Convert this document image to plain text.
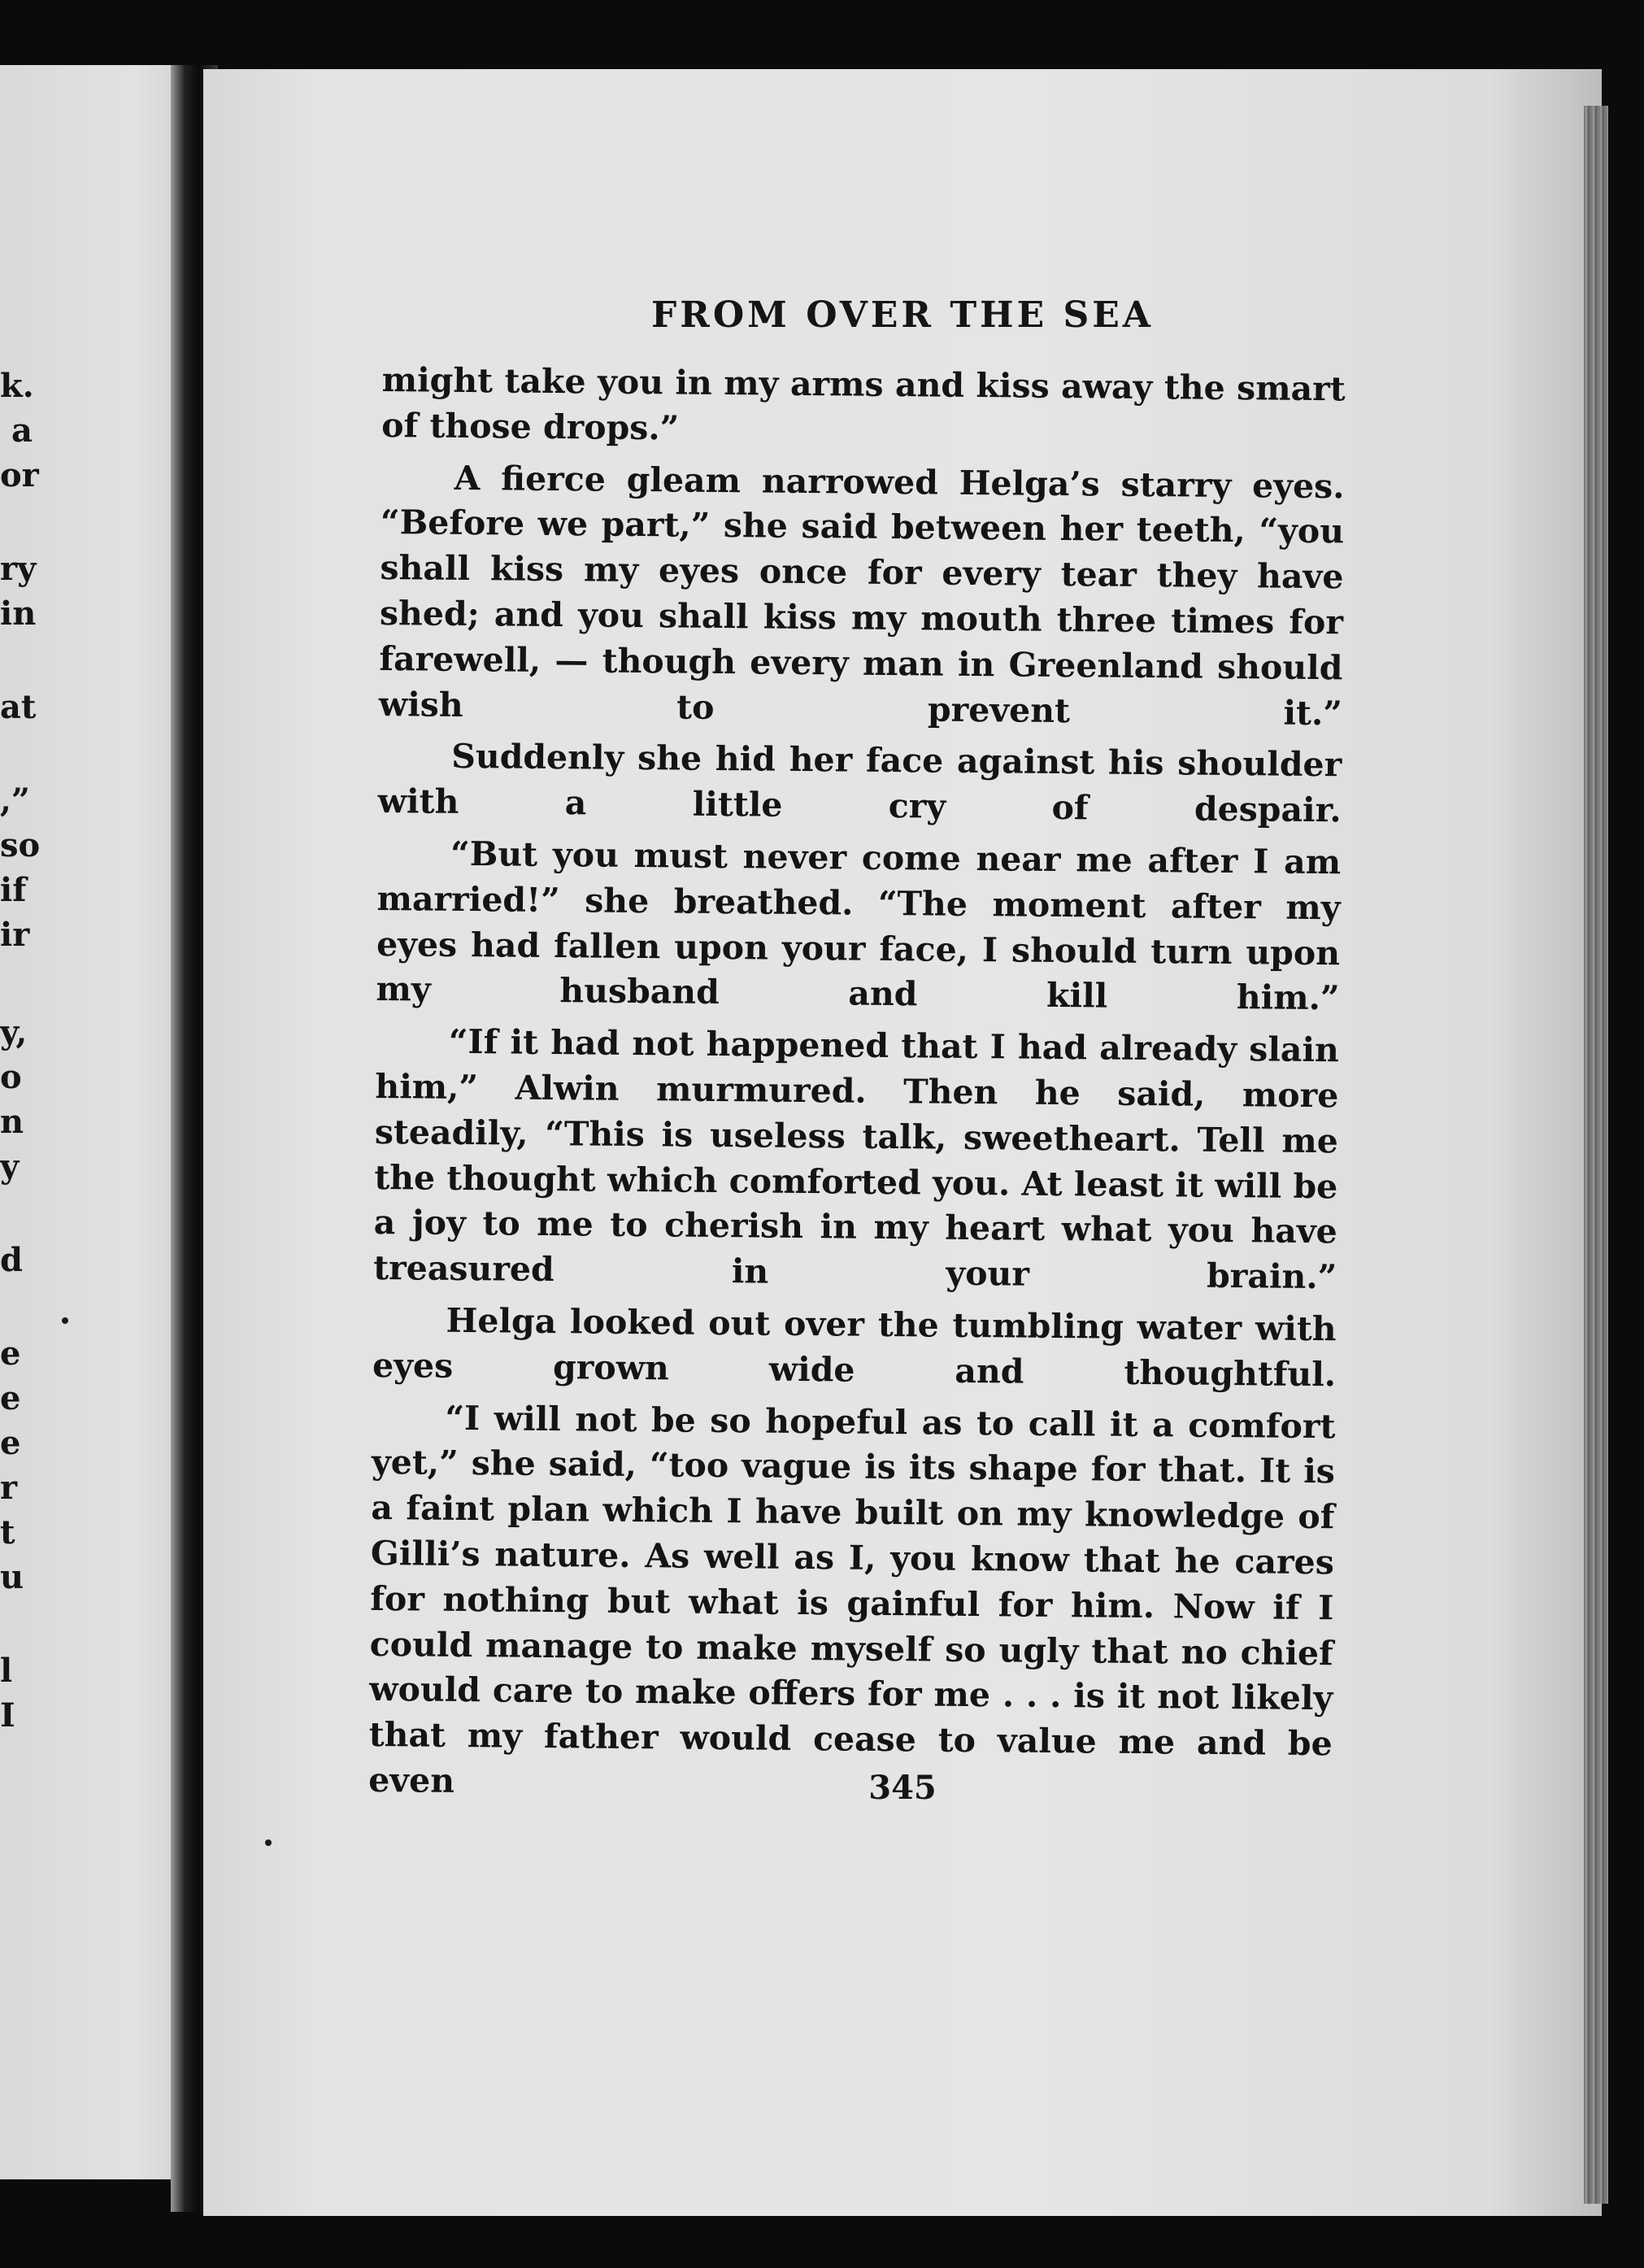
k.
a
or
ry
in
at
,”
so
if
ir
y,
o
n
y
d
e
e
e
r
t
u
l
I
FROM OVER THE SEA

might take you in my arms and kiss away the smart of those drops.”

A fierce gleam narrowed Helga’s starry eyes. “Before we part,” she said between her teeth, “you shall kiss my eyes once for every tear they have shed; and you shall kiss my mouth three times for farewell, — though every man in Greenland should wish to prevent it.”

Suddenly she hid her face against his shoulder with a little cry of despair.

“But you must never come near me after I am married!” she breathed. “The moment after my eyes had fallen upon your face, I should turn upon my husband and kill him.”

“If it had not happened that I had already slain him,” Alwin murmured. Then he said, more steadily, “This is useless talk, sweetheart. Tell me the thought which comforted you. At least it will be a joy to me to cherish in my heart what you have treasured in your brain.”

Helga looked out over the tumbling water with eyes grown wide and thoughtful.

“I will not be so hopeful as to call it a comfort yet,” she said, “too vague is its shape for that. It is a faint plan which I have built on my knowledge of Gilli’s nature. As well as I, you know that he cares for nothing but what is gainful for him. Now if I could manage to make myself so ugly that no chief would care to make offers for me . . . is it not likely that my father would cease to value me and be even	345
